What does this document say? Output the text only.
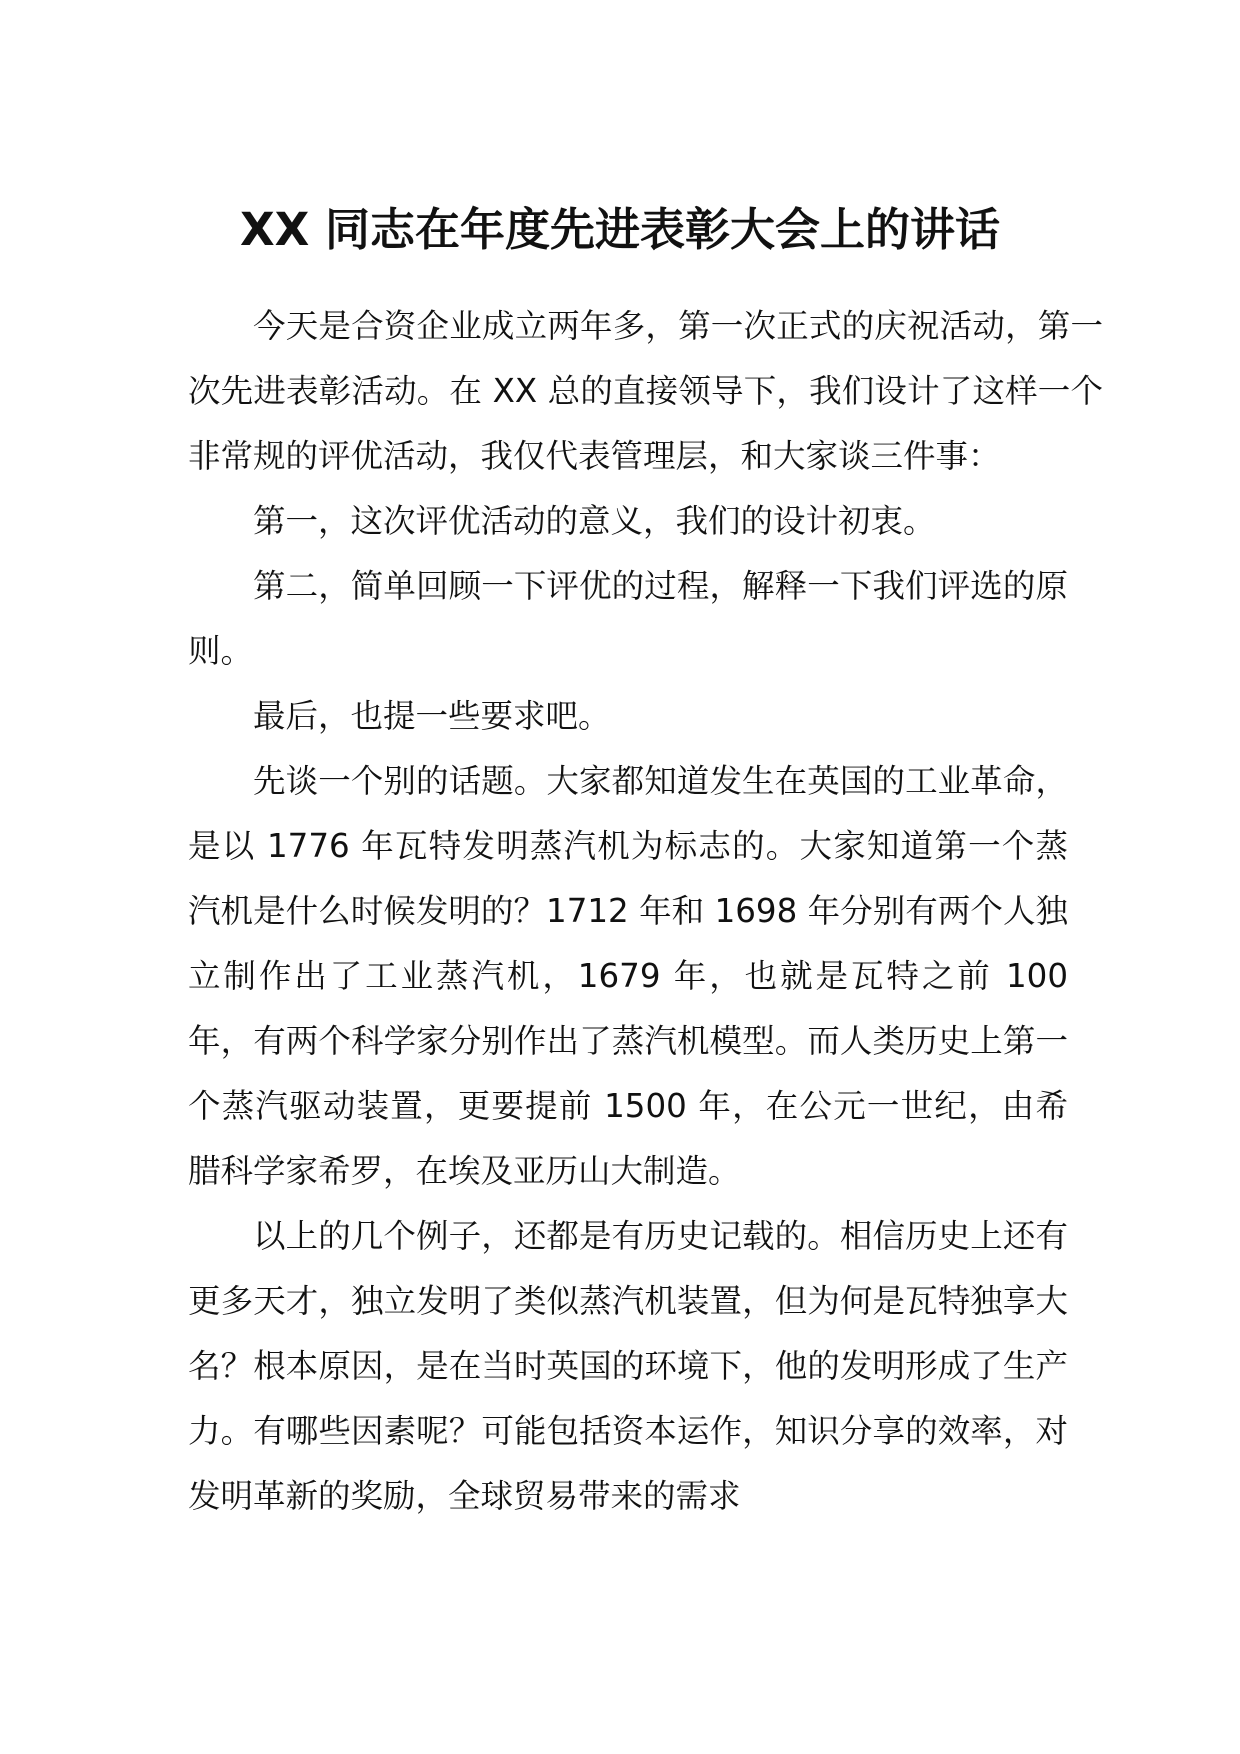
XX 同志在年度先进表彰大会上的讲话

今天是合资企业成立两年多，第一次正式的庆祝活动，第一次先进表彰活动。在 XX 总的直接领导下，我们设计了这样一个非常规的评优活动，我仅代表管理层，和大家谈三件事：

第一，这次评优活动的意义，我们的设计初衷。

第二，简单回顾一下评优的过程，解释一下我们评选的原则。

最后，也提一些要求吧。

先谈一个别的话题。大家都知道发生在英国的工业革命，是以 1776 年瓦特发明蒸汽机为标志的。大家知道第一个蒸汽机是什么时候发明的？1712 年和 1698 年分别有两个人独立制作出了工业蒸汽机，1679 年，也就是瓦特之前 100 年，有两个科学家分别作出了蒸汽机模型。而人类历史上第一个蒸汽驱动装置，更要提前 1500 年，在公元一世纪，由希腊科学家希罗，在埃及亚历山大制造。

以上的几个例子，还都是有历史记载的。相信历史上还有更多天才，独立发明了类似蒸汽机装置，但为何是瓦特独享大名？根本原因，是在当时英国的环境下，他的发明形成了生产力。有哪些因素呢？可能包括资本运作，知识分享的效率，对发明革新的奖励，全球贸易带来的需求
